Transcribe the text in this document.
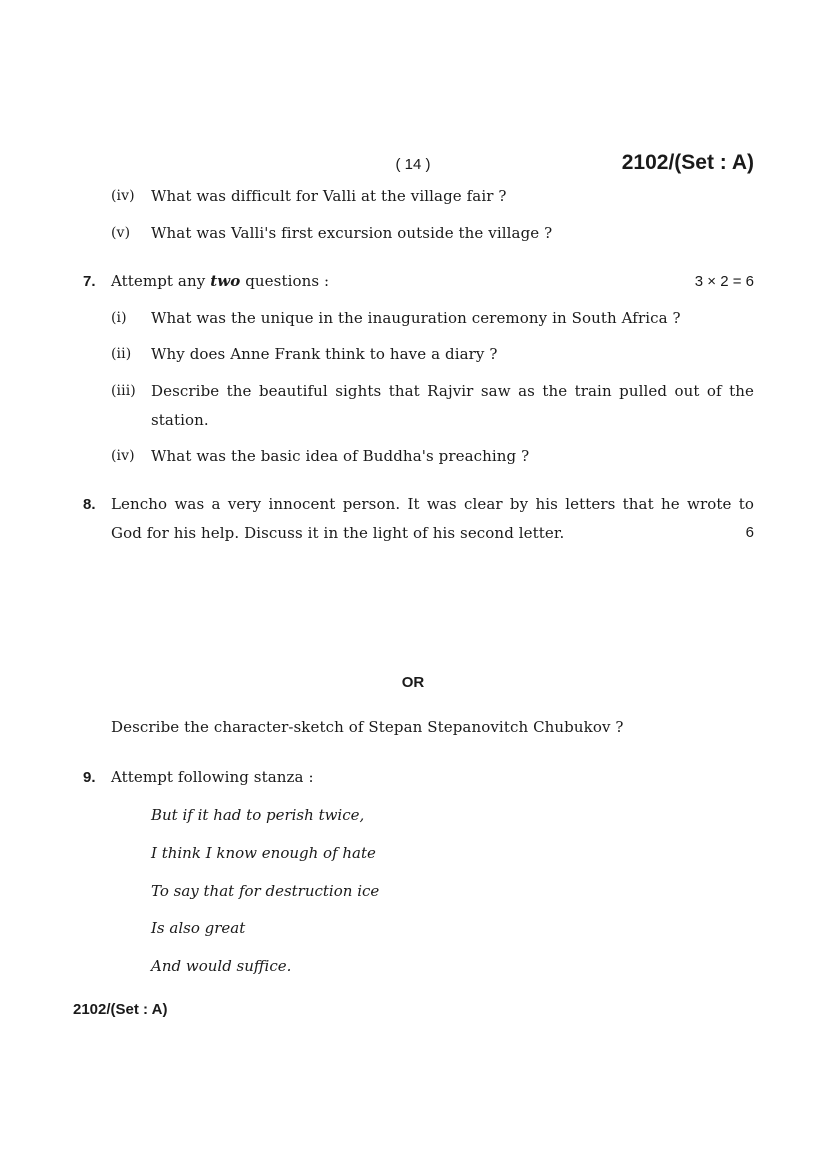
( 14 )	2102/(Set : A)
(iv) What was difficult for Valli at the village fair ?
(v) What was Valli's first excursion outside the village ?
7. Attempt any two questions :	3 × 2 = 6
(i) What was the unique in the inauguration ceremony in South Africa ?
(ii) Why does Anne Frank think to have a diary ?
(iii) Describe the beautiful sights that Rajvir saw as the train pulled out of the
station.
(iv) What was the basic idea of Buddha's preaching ?
8. Lencho was a very innocent person. It was clear by his letters that he wrote to
God for his help. Discuss it in the light of his second letter.	6
OR
Describe the character-sketch of Stepan Stepanovitch Chubukov ?
9. Attempt following stanza :
But if it had to perish twice,
I think I know enough of hate
To say that for destruction ice
Is also great
And would suffice.
2102/(Set : A)
